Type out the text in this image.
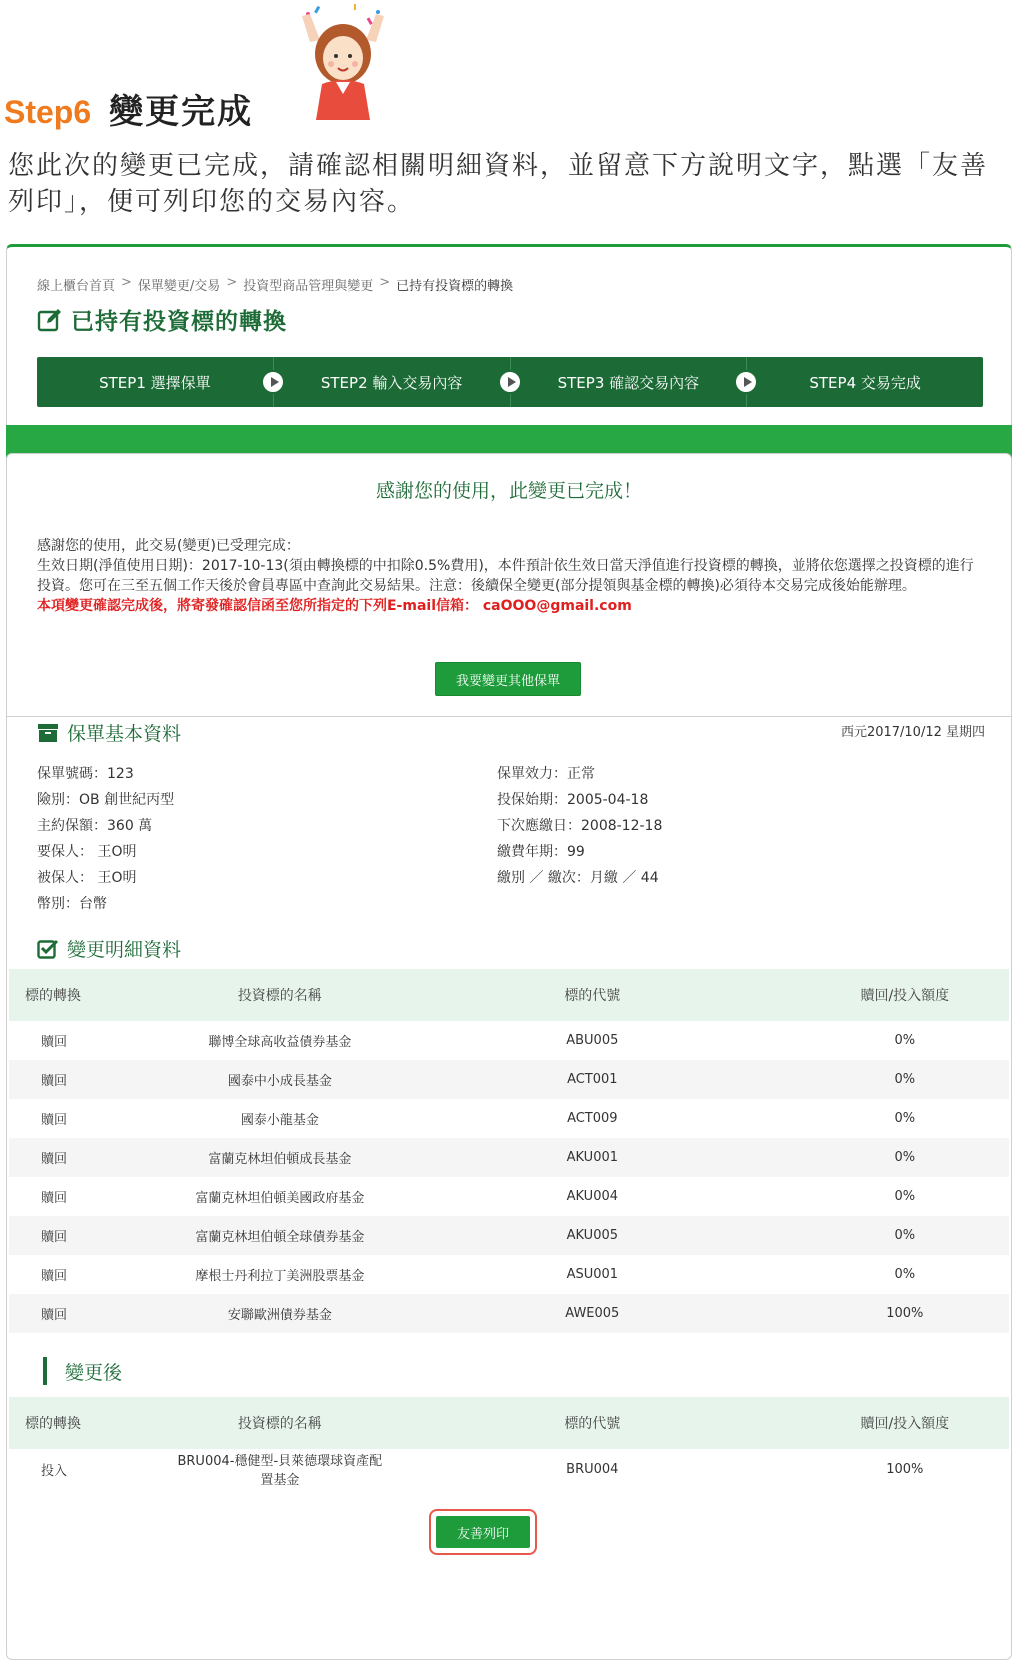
Step6 變更完成
您此次的變更已完成，請確認相關明細資料，並留意下方說明文字，點選「友善列印」，便可列印您的交易內容。
線上櫃台首頁 > 保單變更/交易 > 投資型商品管理與變更 > 已持有投資標的轉換
已持有投資標的轉換
STEP1 選擇保單	STEP2 輸入交易內容	STEP3 確認交易內容	STEP4 交易完成
感謝您的使用，此變更已完成！
感謝您的使用，此交易(變更)已受理完成：
生效日期(淨值使用日期)：2017-10-13(須由轉換標的中扣除0.5%費用)，本件預計依生效日當天淨值進行投資標的轉換，並將依您選擇之投資標的進行投資。您可在三至五個工作天後於會員專區中查詢此交易結果。注意：後續保全變更(部分提領與基金標的轉換)必須待本交易完成後始能辦理。
本項變更確認完成後，將寄發確認信函至您所指定的下列E-mail信箱： caOOO@gmail.com
我要變更其他保單
保單基本資料	西元2017/10/12 星期四
保單號碼：123
險別：OB 創世紀丙型
主約保額：360 萬
要保人： 王O明
被保人： 王O明
幣別：台幣
保單效力：正常
投保始期：2005-04-18
下次應繳日：2008-12-18
繳費年期：99
繳別 ／ 繳次：月繳 ／ 44
變更明細資料
標的轉換	投資標的名稱	標的代號	贖回/投入額度
贖回	聯博全球高收益債券基金	ABU005	0%
贖回	國泰中小成長基金	ACT001	0%
贖回	國泰小龍基金	ACT009	0%
贖回	富蘭克林坦伯頓成長基金	AKU001	0%
贖回	富蘭克林坦伯頓美國政府基金	AKU004	0%
贖回	富蘭克林坦伯頓全球債券基金	AKU005	0%
贖回	摩根士丹利拉丁美洲股票基金	ASU001	0%
贖回	安聯歐洲債券基金	AWE005	100%
變更後
標的轉換	投資標的名稱	標的代號	贖回/投入額度
投入	BRU004-穩健型-貝萊德環球資產配置基金	BRU004	100%
友善列印
